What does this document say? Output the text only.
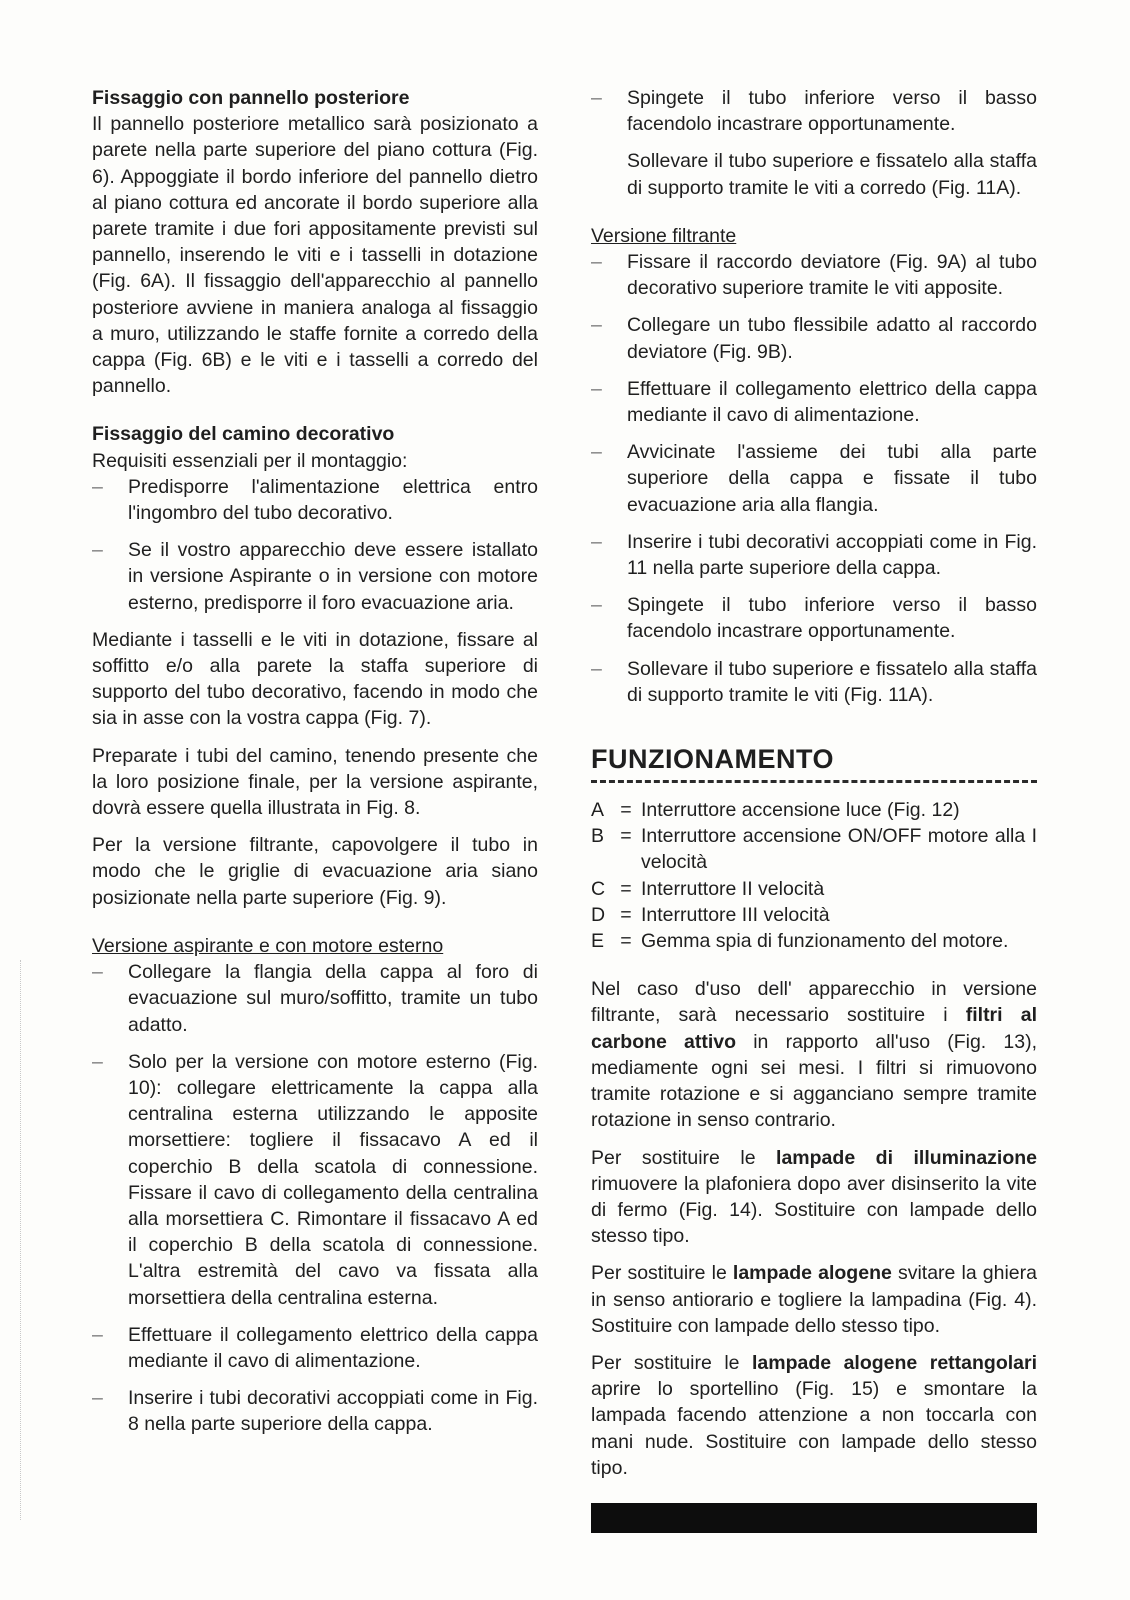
Fissaggio con pannello posteriore

Il pannello posteriore metallico sarà posizionato a parete nella parte superiore del piano cottura (Fig. 6). Appoggiate il bordo inferiore del pannello dietro al piano cottura ed ancorate il bordo superiore alla parete tramite i due fori appositamente previsti sul pannello, inserendo le viti e i tasselli in dotazione (Fig. 6A). Il fissaggio dell'apparecchio al pannello posteriore avviene in maniera analoga al fissaggio a muro, utilizzando le staffe fornite a corredo della cappa (Fig. 6B) e le viti e i tasselli a corredo del pannello.

Fissaggio del camino decorativo

Requisiti essenziali per il montaggio:

–	Predisporre l'alimentazione elettrica entro l'ingombro del tubo decorativo.
–	Se il vostro apparecchio deve essere istallato in versione Aspirante o in versione con motore esterno, predisporre il foro evacuazione aria.

Mediante i tasselli e le viti in dotazione, fissare al soffitto e/o alla parete la staffa superiore di supporto del tubo decorativo, facendo in modo che sia in asse con la vostra cappa (Fig. 7).

Preparate i tubi del camino, tenendo presente che la loro posizione finale, per la versione aspirante, dovrà essere quella illustrata in Fig. 8.

Per la versione filtrante, capovolgere il tubo in modo che le griglie di evacuazione aria siano posizionate nella parte superiore (Fig. 9).

Versione aspirante e con motore esterno

–	Collegare la flangia della cappa al foro di evacuazione sul muro/soffitto, tramite un tubo adatto.
–	Solo per la versione con motore esterno (Fig. 10): collegare elettricamente la cappa alla centralina esterna utilizzando le apposite morsettiere: togliere il fissacavo A ed il coperchio B della scatola di connessione. Fissare il cavo di collegamento della centralina alla morsettiera C. Rimontare il fissacavo A ed il coperchio B della scatola di connessione. L'altra estremità del cavo va fissata alla morsettiera della centralina esterna.
–	Effettuare il collegamento elettrico della cappa mediante il cavo di alimentazione.
–	Inserire i tubi decorativi accoppiati come in Fig. 8 nella parte superiore della cappa.
–	Spingete il tubo inferiore verso il basso facendolo incastrare opportunamente.
Sollevare il tubo superiore e fissatelo alla staffa di supporto tramite le viti a corredo (Fig. 11A).

Versione filtrante

–	Fissare il raccordo deviatore (Fig. 9A) al tubo decorativo superiore tramite le viti apposite.
–	Collegare un tubo flessibile adatto al raccordo deviatore (Fig. 9B).
–	Effettuare il collegamento elettrico della cappa mediante il cavo di alimentazione.
–	Avvicinate l'assieme dei tubi alla parte superiore della cappa e fissate il tubo evacuazione aria alla flangia.
–	Inserire i tubi decorativi accoppiati come in Fig. 11 nella parte superiore della cappa.
–	Spingete il tubo inferiore verso il basso facendolo incastrare opportunamente.
–	Sollevare il tubo superiore e fissatelo alla staffa di supporto tramite le viti (Fig. 11A).

FUNZIONAMENTO

A = Interruttore accensione luce (Fig. 12)
B = Interruttore accensione ON/OFF motore alla I velocità
C = Interruttore II velocità
D = Interruttore III velocità
E = Gemma spia di funzionamento del motore.

Nel caso d'uso dell' apparecchio in versione filtrante, sarà necessario sostituire i filtri al carbone attivo in rapporto all'uso (Fig. 13), mediamente ogni sei mesi. I filtri si rimuovono tramite rotazione e si agganciano sempre tramite rotazione in senso contrario.

Per sostituire le lampade di illuminazione rimuovere la plafoniera dopo aver disinserito la vite di fermo (Fig. 14). Sostituire con lampade dello stesso tipo.

Per sostituire le lampade alogene svitare la ghiera in senso antiorario e togliere la lampadina (Fig. 4). Sostituire con lampade dello stesso tipo.

Per sostituire le lampade alogene rettangolari aprire lo sportellino (Fig. 15) e smontare la lampada facendo attenzione a non toccarla con mani nude. Sostituire con lampade dello stesso tipo.
